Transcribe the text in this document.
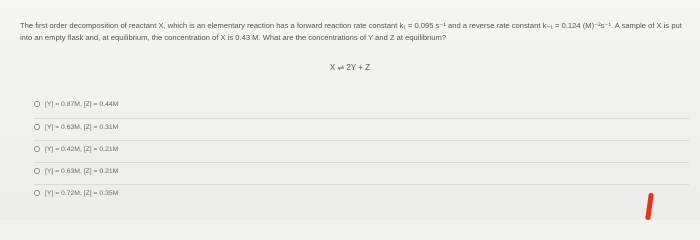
The first order decomposition of reactant X, which is an elementary reaction has a forward reaction rate constant k₁ = 0.095 s⁻¹ and a reverse rate constant k₋₁ = 0.124 (M)⁻²s⁻¹. A sample of X is put into an empty flask and, at equilibrium, the concentration of X is 0.43 M. What are the concentrations of Y and Z at equilibrium?
X ⇌ 2Y + Z
[Y] = 0.87M, [Z] = 0.44M
[Y] = 0.63M, [Z] = 0.31M
[Y] = 0.42M, [Z] = 0.21M
[Y] = 0.63M, [Z] = 0.21M
[Y] = 0.72M, [Z] = 0.35M
